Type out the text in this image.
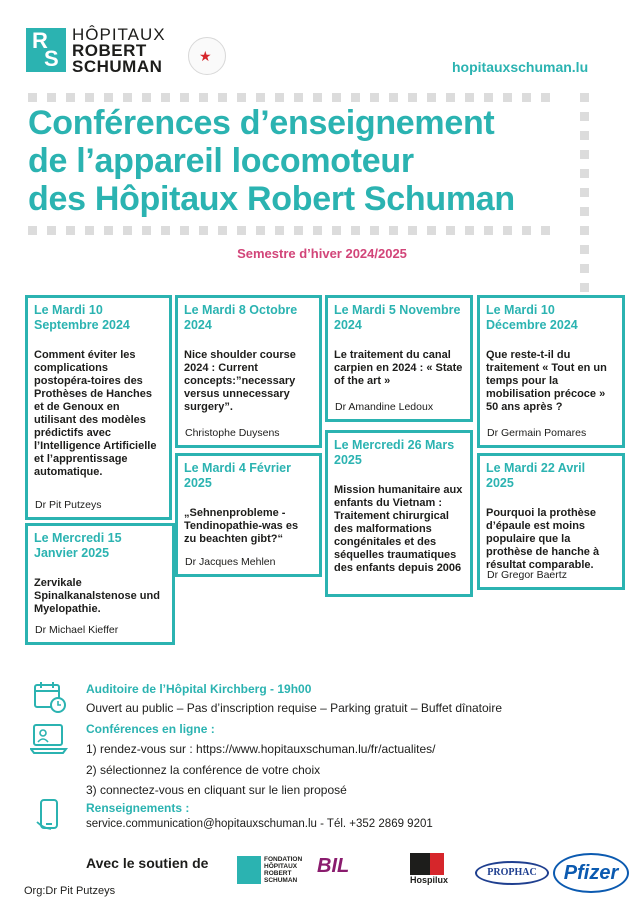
R
S
HÔPITAUX
ROBERT
SCHUMAN
★
hopitauxschuman.lu
Conférences d’enseignement
de l’appareil locomoteur
des Hôpitaux Robert Schuman
Semestre d’hiver 2024/2025
Le Mardi 10 Septembre 2024
Comment éviter les complications postopéra-toires des Prothèses de Hanches et de Genoux en utilisant des modèles prédictifs avec l’Intelligence Artificielle et l’apprentissage automatique.
Dr Pit Putzeys
Le Mardi 8 Octobre 2024
Nice shoulder course 2024 : Current concepts:”necessary versus unnecessary surgery”.
Christophe Duysens
Le Mardi 5 Novembre 2024
Le traitement du canal carpien en 2024 : « State of the art »
Dr Amandine Ledoux
Le Mardi 10 Décembre 2024
Que reste-t-il du traitement « Tout en un temps pour la mobilisation précoce » 50 ans après ?
Dr Germain Pomares
Le Mercredi 15 Janvier 2025
Zervikale Spinalkanalstenose und Myelopathie.
Dr Michael Kieffer
Le Mardi 4 Février 2025
„Sehnenprobleme - Tendinopathie-was es zu beachten gibt?“
Dr Jacques Mehlen
Le Mercredi 26 Mars 2025
Mission humanitaire aux enfants du Vietnam : Traitement chirurgical des malformations congénitales et des séquelles traumatiques des enfants depuis 2006
Le Mardi 22 Avril 2025
Pourquoi la prothèse d’épaule est moins populaire que la prothèse de hanche à résultat comparable.
Dr Gregor Baertz
Auditoire de l’Hôpital Kirchberg - 19h00
Ouvert au public – Pas d’inscription requise – Parking gratuit – Buffet dînatoire
Conférences en ligne :
1) rendez-vous sur : https://www.hopitauxschuman.lu/fr/actualites/
2) sélectionnez la conférence de votre choix
3) connectez-vous en cliquant sur le lien proposé
Renseignements :
service.communication@hopitauxschuman.lu - Tél. +352 2869 9201
Avec le soutien de	FONDATION
HÔPITAUX
ROBERT
SCHUMAN
BIL
Hospilux
PROPHAC	Pfizer
Org:Dr Pit Putzeys
